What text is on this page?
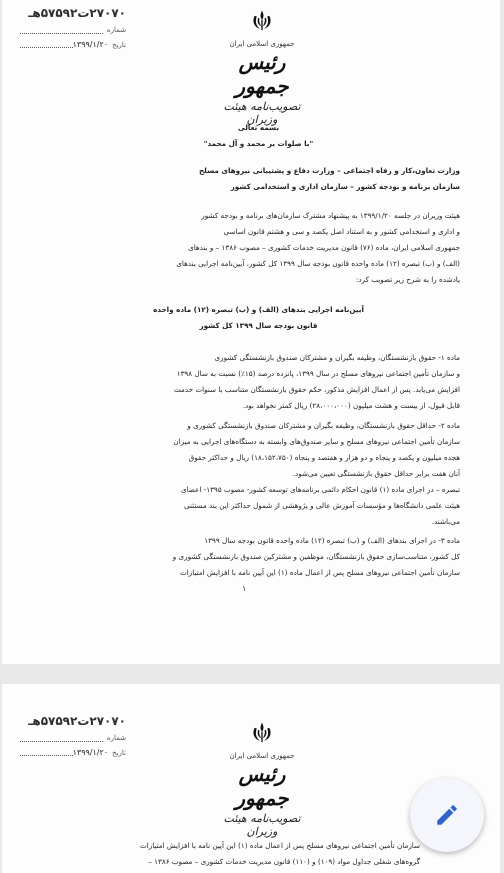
۲۷۰۷۰ت۵۷۵۹۲هـ
شماره
تاریخ
۱۳۹۹/۱/۲۰	جمهوری اسلامی ایران
رئیس جمهور
تصویب‌نامه هیئت وزیران
بسمه تعالی
"با صلوات بر محمد و آل محمد"
وزارت تعاون،کار و رفاه اجتماعی – وزارت دفاع و پشتیبانی نیروهای مسلح
سازمان برنامه و بودجه کشور – سازمان اداری و استخدامی کشور
هیئت وزیران در جلسه ۱۳۹۹/۱/۲۰ به پیشنهاد مشترک سازمان‌های برنامه و بودجه کشور
و اداری و استخدامی کشور و به استناد اصل یکصد و سی و هشتم قانون اساسی
جمهوری اسلامی ایران، ماده (۷۶) قانون مدیریت خدمات کشوری – مصوب ۱۳۸۶ – و بندهای
(الف) و (ب) تبصره (۱۲) ماده واحده قانون بودجه سال ۱۳۹۹ کل کشور، آیین‌نامه اجرایی بندهای
یادشده را به شرح زیر تصویب کرد:
آیین‌نامه اجرایی بندهای (الف) و (ب) تبصره (۱۲) ماده واحده
قانون بودجه سال ۱۳۹۹ کل کشور
ماده ۱- حقوق بازنشستگان، وظیفه بگیران و مشترکان صندوق بازنشستگی کشوری
و سازمان تأمین اجتماعی نیروهای مسلح در سال ۱۳۹۹، پانزده درصد (۱۵٪) نسبت به سال ۱۳۹۸
افزایش می‌یابد. پس از اعمال افزایش مذکور، حکم حقوق بازنشستگان متناسب با سنوات خدمت
قابل قبول، از بیست و هشت میلیون (۲۸،۰۰۰،۰۰۰) ریال کمتر نخواهد بود.
ماده ۲- حداقل حقوق بازنشستگان، وظیفه بگیران و مشترکان صندوق بازنشستگی کشوری و
سازمان تأمین اجتماعی نیروهای مسلح و سایر صندوق‌های وابسته به دستگاه‌های اجرایی به میزان
هجده میلیون و یکصد و پنجاه و دو هزار و هفتصد و پنجاه (۱۸،۱۵۲،۷۵۰) ریال و حداکثر حقوق
آنان هفت برابر حداقل حقوق بازنشستگی تعیین می‌شود.
تبصره – در اجرای ماده (۱) قانون احکام دائمی برنامه‌های توسعه کشور- مصوب ۱۳۹۵- اعضای
هیئت علمی دانشگاه‌ها و مؤسسات آموزش عالی و پژوهشی از شمول حداکثر این بند مستثنی
می‌باشند.
ماده ۳- در اجرای بندهای (الف) و (ب) تبصره (۱۲) ماده واحده قانون بودجه سال ۱۳۹۹
کل کشور، متناسب‌سازی حقوق بازنشستگان، موظفین و مشترکین صندوق بازنشستگی کشوری و
سازمان تأمین اجتماعی نیروهای مسلح پس از اعمال ماده (۱) این آیین نامه با افزایش امتیازات
۱
۲۷۰۷۰ت۵۷۵۹۲هـ
شماره
تاریخ
۱۳۹۹/۱/۲۰	جمهوری اسلامی ایران
رئیس جمهور
تصویب‌نامه هیئت وزیران
سازمان تأمین اجتماعی نیروهای مسلح پس از اعمال ماده (۱) این آیین نامه با افزایش امتیازات
گروه‌های شغلی جداول مواد (۱۰۹) و (۱۱۰) قانون مدیریت خدمات کشوری – مصوب ۱۳۸۶ –
